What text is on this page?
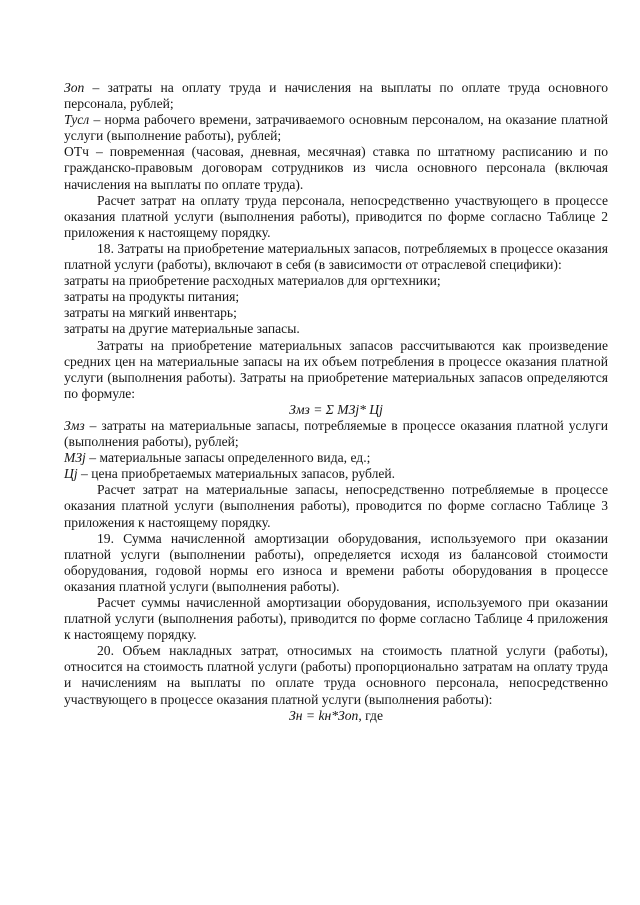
Зоп – затраты на оплату труда и начисления на выплаты по оплате труда основного персонала, рублей;

Тусл – норма рабочего времени, затрачиваемого основным персоналом, на оказание платной услуги (выполнение работы), рублей;

ОТч – повременная (часовая, дневная, месячная) ставка по штатному расписанию и по гражданско-правовым договорам сотрудников из числа основного персонала (включая начисления на выплаты по оплате труда).

Расчет затрат на оплату труда персонала, непосредственно участвующего в процессе оказания платной услуги (выполнения работы), приводится по форме согласно Таблице 2 приложения к настоящему порядку.

18. Затраты на приобретение материальных запасов, потребляемых в процессе оказания платной услуги (работы), включают в себя (в зависимости от отраслевой специфики):

затраты на приобретение расходных материалов для оргтехники;

затраты на продукты питания;

затраты на мягкий инвентарь;

затраты на другие материальные запасы.

Затраты на приобретение материальных запасов рассчитываются как произведение средних цен на материальные запасы на их объем потребления в процессе оказания платной услуги (выполнения работы). Затраты на приобретение материальных запасов определяются по формуле:

Змз = Σ МЗj* Цj

Змз – затраты на материальные запасы, потребляемые в процессе оказания платной услуги (выполнения работы), рублей;

МЗj – материальные запасы определенного вида, ед.;

Цj – цена приобретаемых материальных запасов, рублей.

Расчет затрат на материальные запасы, непосредственно потребляемые в процессе оказания платной услуги (выполнения работы), проводится по форме согласно Таблице 3 приложения к настоящему порядку.

19. Сумма начисленной амортизации оборудования, используемого при оказании платной услуги (выполнении работы), определяется исходя из балансовой стоимости оборудования, годовой нормы его износа и времени работы оборудования в процессе оказания платной услуги (выполнения работы).

Расчет суммы начисленной амортизации оборудования, используемого при оказании платной услуги (выполнения работы), приводится по форме согласно Таблице 4 приложения к настоящему порядку.

20. Объем накладных затрат, относимых на стоимость платной услуги (работы), относится на стоимость платной услуги (работы) пропорционально затратам на оплату труда и начислениям на выплаты по оплате труда основного персонала, непосредственно участвующего в процессе оказания платной услуги (выполнения работы):

Зн = kн*Зоп, где
